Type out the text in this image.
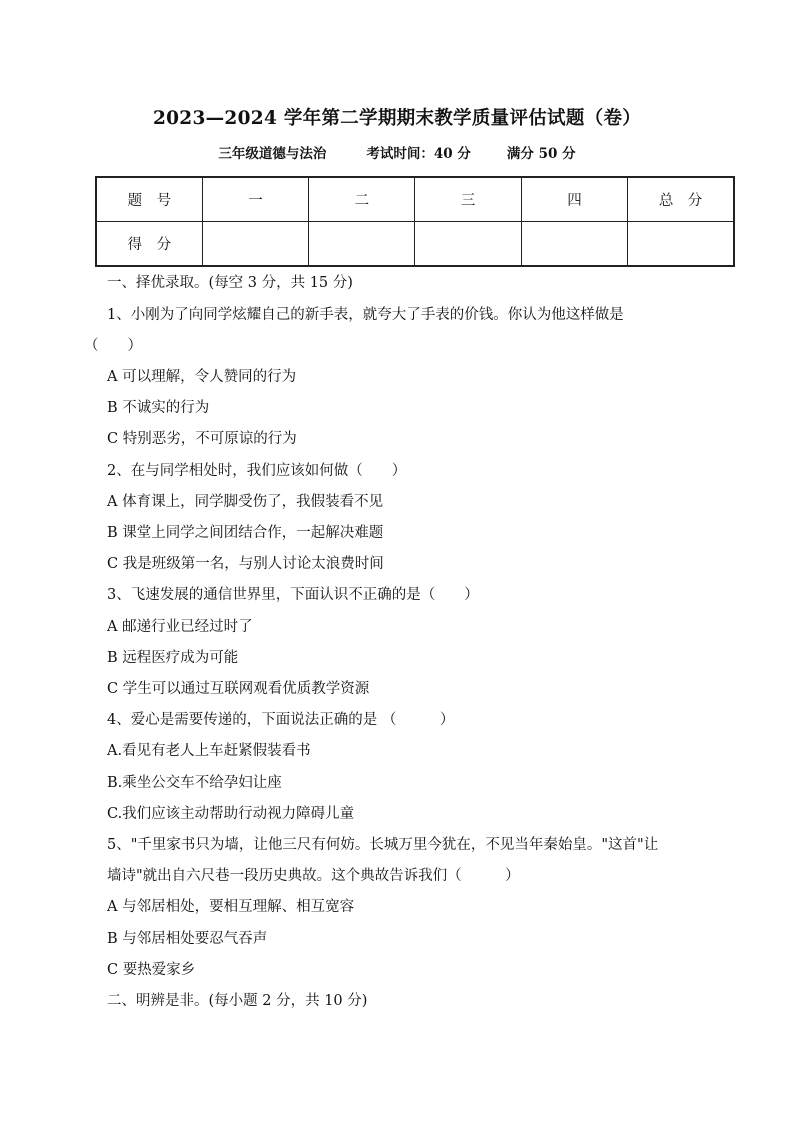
2023—2024 学年第二学期期末教学质量评估试题（卷）
三年级道德与法治	考试时间：40 分	满分 50 分
题　号	一	二	三	四	总　分
得　分					
一、择优录取。(每空 3 分，共 15 分)
1、小刚为了向同学炫耀自己的新手表，就夸大了手表的价钱。你认为他这样做是
（　　）
A 可以理解，令人赞同的行为
B 不诚实的行为
C 特别恶劣，不可原谅的行为
2、在与同学相处时，我们应该如何做（　　）
A 体育课上，同学脚受伤了，我假装看不见
B 课堂上同学之间团结合作，一起解决难题
C 我是班级第一名，与别人讨论太浪费时间
3、飞速发展的通信世界里，下面认识不正确的是（　　）
A 邮递行业已经过时了
B 远程医疗成为可能
C 学生可以通过互联网观看优质教学资源
4、爱心是需要传递的，下面说法正确的是 （　　　）
A.看见有老人上车赶紧假装看书
B.乘坐公交车不给孕妇让座
C.我们应该主动帮助行动视力障碍儿童
5、"千里家书只为墙，让他三尺有何妨。长城万里今犹在，不见当年秦始皇。"这首"让
墙诗"就出自六尺巷一段历史典故。这个典故告诉我们（　　　）
A 与邻居相处，要相互理解、相互宽容
B 与邻居相处要忍气吞声
C 要热爱家乡
二、明辨是非。(每小题 2 分，共 10 分)
